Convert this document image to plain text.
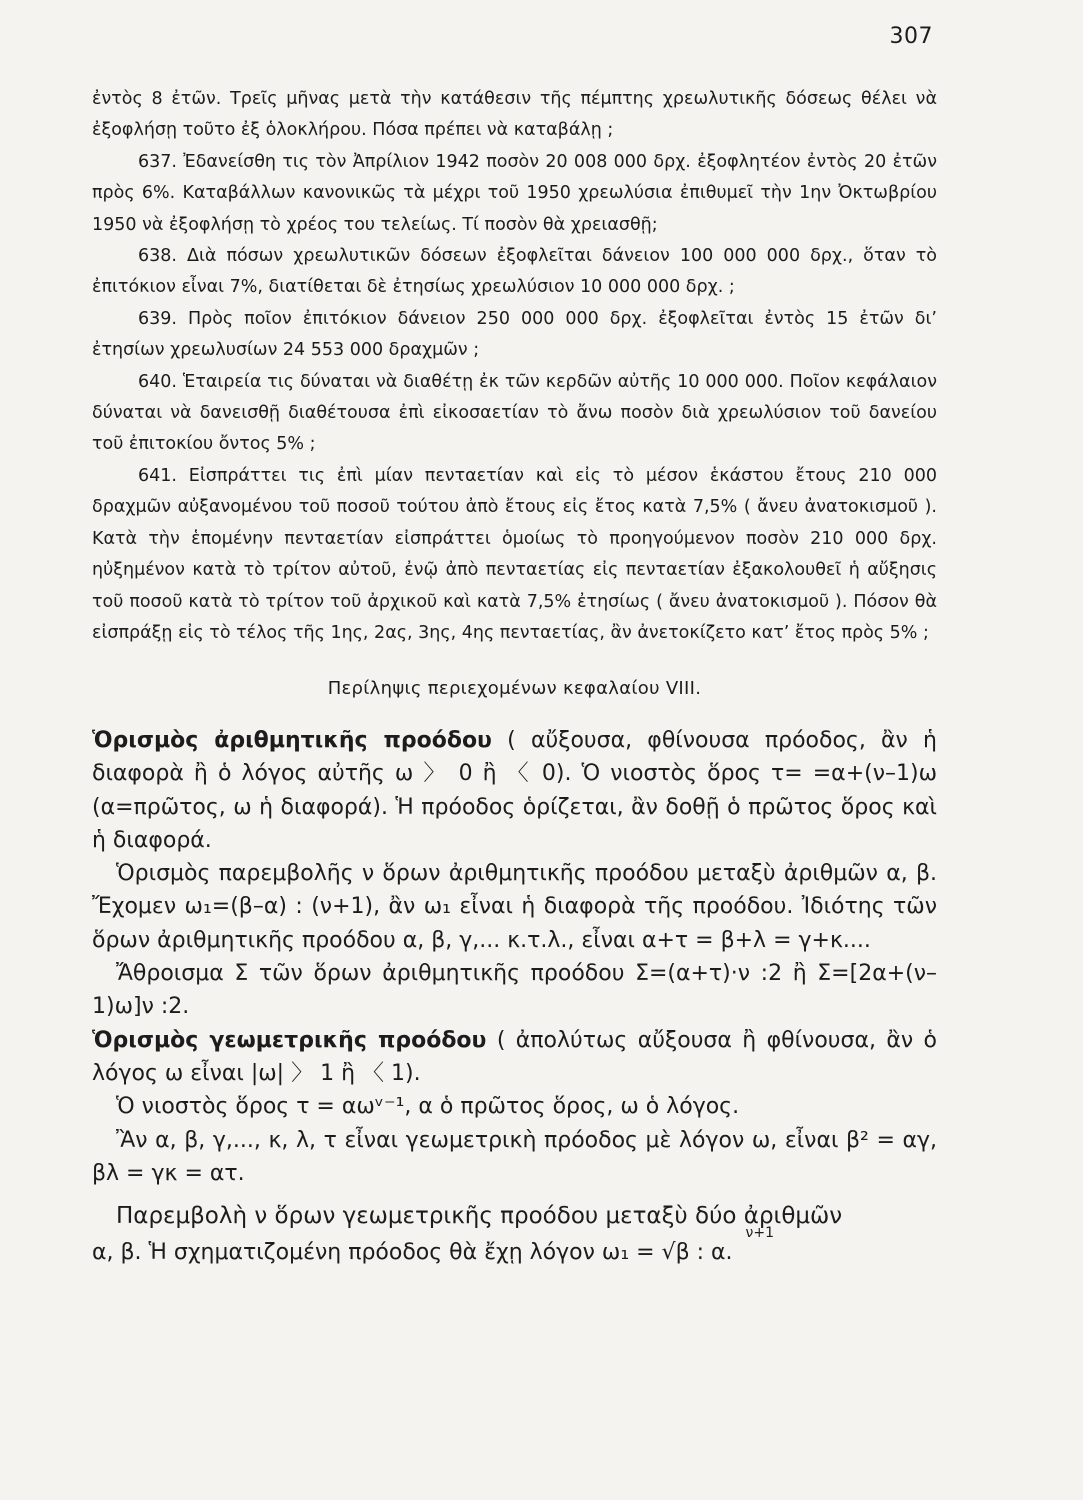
307

ἐντὸς 8 ἐτῶν. Τρεῖς μῆνας μετὰ τὴν κατάθεσιν τῆς πέμπτης χρεωλυτικῆς δόσεως θέλει νὰ ἐξοφλήσῃ τοῦτο ἐξ ὁλοκλήρου. Πόσα πρέπει νὰ καταβάλῃ ;

637. Ἐδανείσθη τις τὸν Ἀπρίλιον 1942 ποσὸν 20 008 000 δρχ. ἐξοφλητέον ἐντὸς 20 ἐτῶν πρὸς 6%. Καταβάλλων κανονικῶς τὰ μέχρι τοῦ 1950 χρεωλύσια ἐπιθυμεῖ τὴν 1ην Ὀκτωβρίου 1950 νὰ ἐξοφλήσῃ τὸ χρέος του τελείως. Τί ποσὸν θὰ χρειασθῇ;

638. Διὰ πόσων χρεωλυτικῶν δόσεων ἐξοφλεῖται δάνειον 100 000 000 δρχ., ὅταν τὸ ἐπιτόκιον εἶναι 7%, διατίθεται δὲ ἐτησίως χρεωλύσιον 10 000 000 δρχ. ;

639. Πρὸς ποῖον ἐπιτόκιον δάνειον 250 000 000 δρχ. ἐξοφλεῖται ἐντὸς 15 ἐτῶν δι’ ἐτησίων χρεωλυσίων 24 553 000 δραχμῶν ;

640. Ἑταιρεία τις δύναται νὰ διαθέτῃ ἐκ τῶν κερδῶν αὐτῆς 10 000 000. Ποῖον κεφάλαιον δύναται νὰ δανεισθῇ διαθέτουσα ἐπὶ εἰκοσαετίαν τὸ ἄνω ποσὸν διὰ χρεωλύσιον τοῦ δανείου τοῦ ἐπιτοκίου ὄντος 5% ;

641. Εἰσπράττει τις ἐπὶ μίαν πενταετίαν καὶ εἰς τὸ μέσον ἑκάστου ἔτους 210 000 δραχμῶν αὐξανομένου τοῦ ποσοῦ τούτου ἀπὸ ἔτους εἰς ἔτος κατὰ 7,5% ( ἄνευ ἀνατοκισμοῦ ). Κατὰ τὴν ἑπομένην πενταετίαν εἰσπράττει ὁμοίως τὸ προηγούμενον ποσὸν 210 000 δρχ. ηὐξημένον κατὰ τὸ τρίτον αὐτοῦ, ἐνῷ ἀπὸ πενταετίας εἰς πενταετίαν ἐξακολουθεῖ ἡ αὔξησις τοῦ ποσοῦ κατὰ τὸ τρίτον τοῦ ἀρχικοῦ καὶ κατὰ 7,5% ἐτησίως ( ἄνευ ἀνατοκισμοῦ ). Πόσον θὰ εἰσπράξῃ εἰς τὸ τέλος τῆς 1ης, 2ας, 3ης, 4ης πενταετίας, ἂν ἀνετοκίζετο κατ’ ἔτος πρὸς 5% ;

Περίληψις περιεχομένων κεφαλαίου VIII.

Ὁρισμὸς ἀριθμητικῆς προόδου ( αὔξουσα, φθίνουσα πρόοδος, ἂν ἡ διαφορὰ ἢ ὁ λόγος αὐτῆς ω 〉 0 ἢ 〈 0). Ὁ νιοστὸς ὅρος τ= =α+(ν–1)ω (α=πρῶτος, ω ἡ διαφορά). Ἡ πρόοδος ὁρίζεται, ἂν δοθῇ ὁ πρῶτος ὅρος καὶ ἡ διαφορά.

Ὁρισμὸς παρεμβολῆς ν ὅρων ἀριθμητικῆς προόδου μεταξὺ ἀριθμῶν α, β. Ἔχομεν ω₁=(β–α) : (ν+1), ἂν ω₁ εἶναι ἡ διαφορὰ τῆς προόδου. Ἰδιότης τῶν ὅρων ἀριθμητικῆς προόδου α, β, γ,... κ.τ.λ., εἶναι α+τ = β+λ = γ+κ....

Ἄθροισμα Σ τῶν ὅρων ἀριθμητικῆς προόδου Σ=(α+τ)·ν :2 ἢ Σ=[2α+(ν–1)ω]ν :2.

Ὁρισμὸς γεωμετρικῆς προόδου ( ἀπολύτως αὔξουσα ἢ φθίνουσα, ἂν ὁ λόγος ω εἶναι |ω| 〉 1 ἢ 〈 1).

Ὁ νιοστὸς ὅρος τ = αωᵛ⁻¹, α ὁ πρῶτος ὅρος, ω ὁ λόγος.

Ἂν α, β, γ,..., κ, λ, τ εἶναι γεωμετρικὴ πρόοδος μὲ λόγον ω, εἶναι β² = αγ, βλ = γκ = ατ.

Παρεμβολὴ ν ὅρων γεωμετρικῆς προόδου μεταξὺ δύο ἀριθμῶν

α, β. Ἡ σχηματιζομένη πρόοδος θὰ ἔχῃ λόγον ω₁ = √β : α. $^{\nu+1}$
